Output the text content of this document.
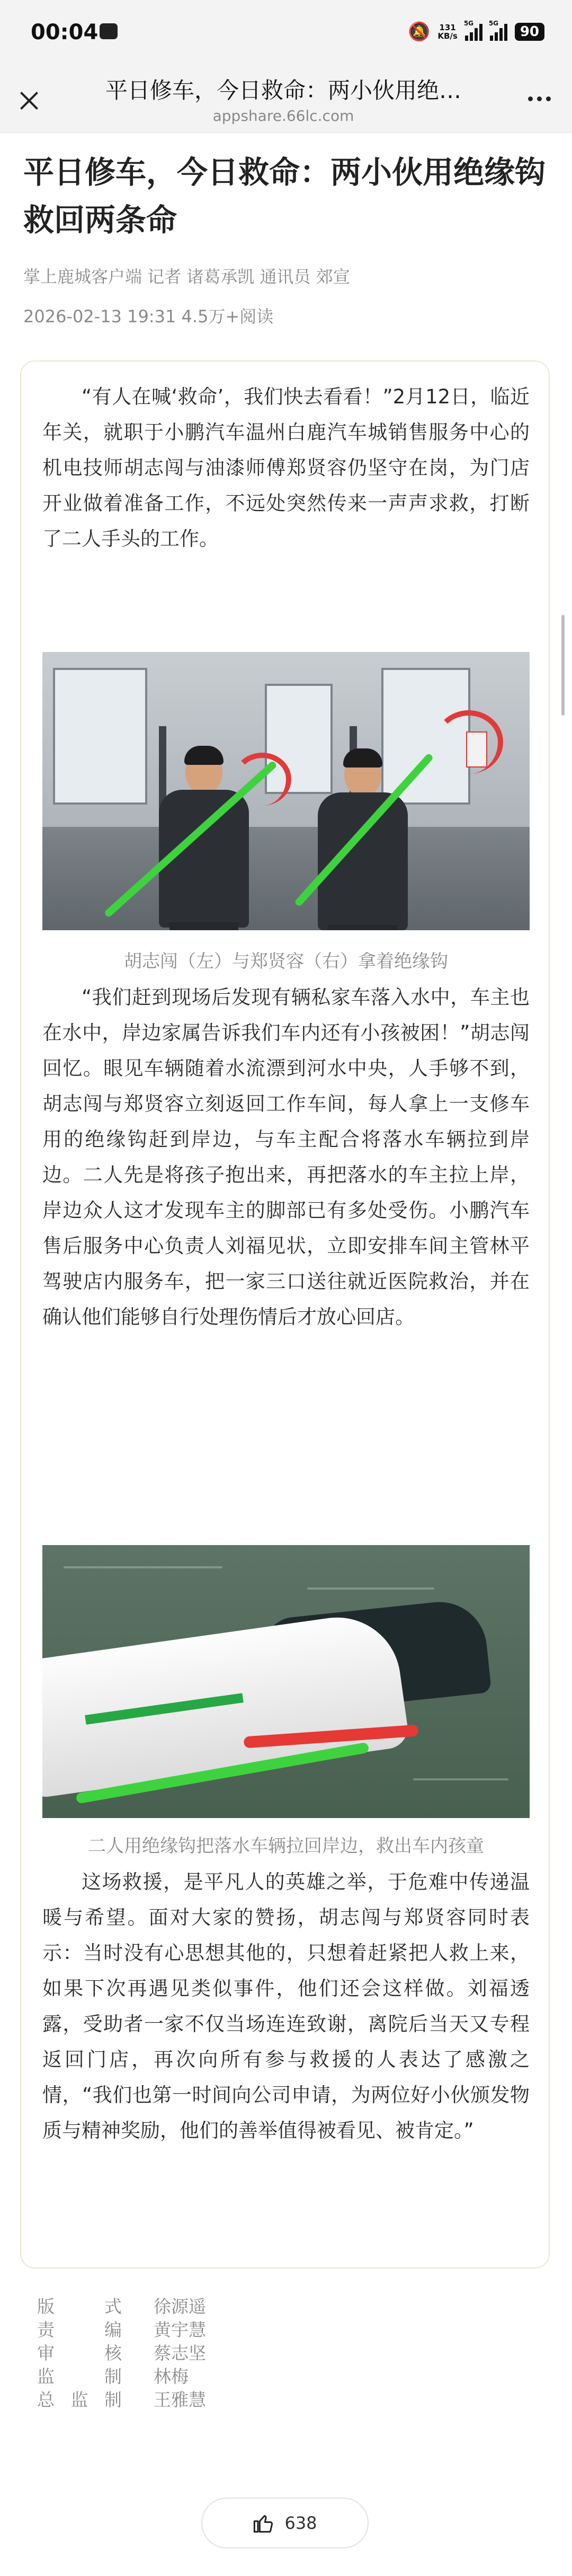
00:04	🔕 131
KB/s
5G 5G
90
平日修车，今日救命：两小伙用绝…
appshare.66lc.com
平日修车，今日救命：两小伙用绝缘钩救回两条命
掌上鹿城客户端 记者 诸葛承凯 通讯员 郊宣
2026-02-13 19:31 4.5万+阅读
“有人在喊‘救命’，我们快去看看！”2月12日，临近年关，就职于小鹏汽车温州白鹿汽车城销售服务中心的机电技师胡志闯与油漆师傅郑贤容仍坚守在岗，为门店开业做着准备工作，不远处突然传来一声声求救，打断了二人手头的工作。
胡志闯（左）与郑贤容（右）拿着绝缘钩
“我们赶到现场后发现有辆私家车落入水中，车主也在水中，岸边家属告诉我们车内还有小孩被困！”胡志闯回忆。眼见车辆随着水流漂到河水中央，人手够不到，胡志闯与郑贤容立刻返回工作车间，每人拿上一支修车用的绝缘钩赶到岸边，与车主配合将落水车辆拉到岸边。二人先是将孩子抱出来，再把落水的车主拉上岸，岸边众人这才发现车主的脚部已有多处受伤。小鹏汽车售后服务中心负责人刘福见状，立即安排车间主管林平驾驶店内服务车，把一家三口送往就近医院救治，并在确认他们能够自行处理伤情后才放心回店。
二人用绝缘钩把落水车辆拉回岸边，救出车内孩童
这场救援，是平凡人的英雄之举，于危难中传递温暖与希望。面对大家的赞扬，胡志闯与郑贤容同时表示：当时没有心思想其他的，只想着赶紧把人救上来，如果下次再遇见类似事件，他们还会这样做。刘福透露，受助者一家不仅当场连连致谢，离院后当天又专程返回门店，再次向所有参与救援的人表达了感激之情，“我们也第一时间向公司申请，为两位好小伙颁发物质与精神奖励，他们的善举值得被看见、被肯定。”
版式 徐源遥
责编 黄宇慧
审核 蔡志坚
监制 林梅
总监制 王雅慧
638
